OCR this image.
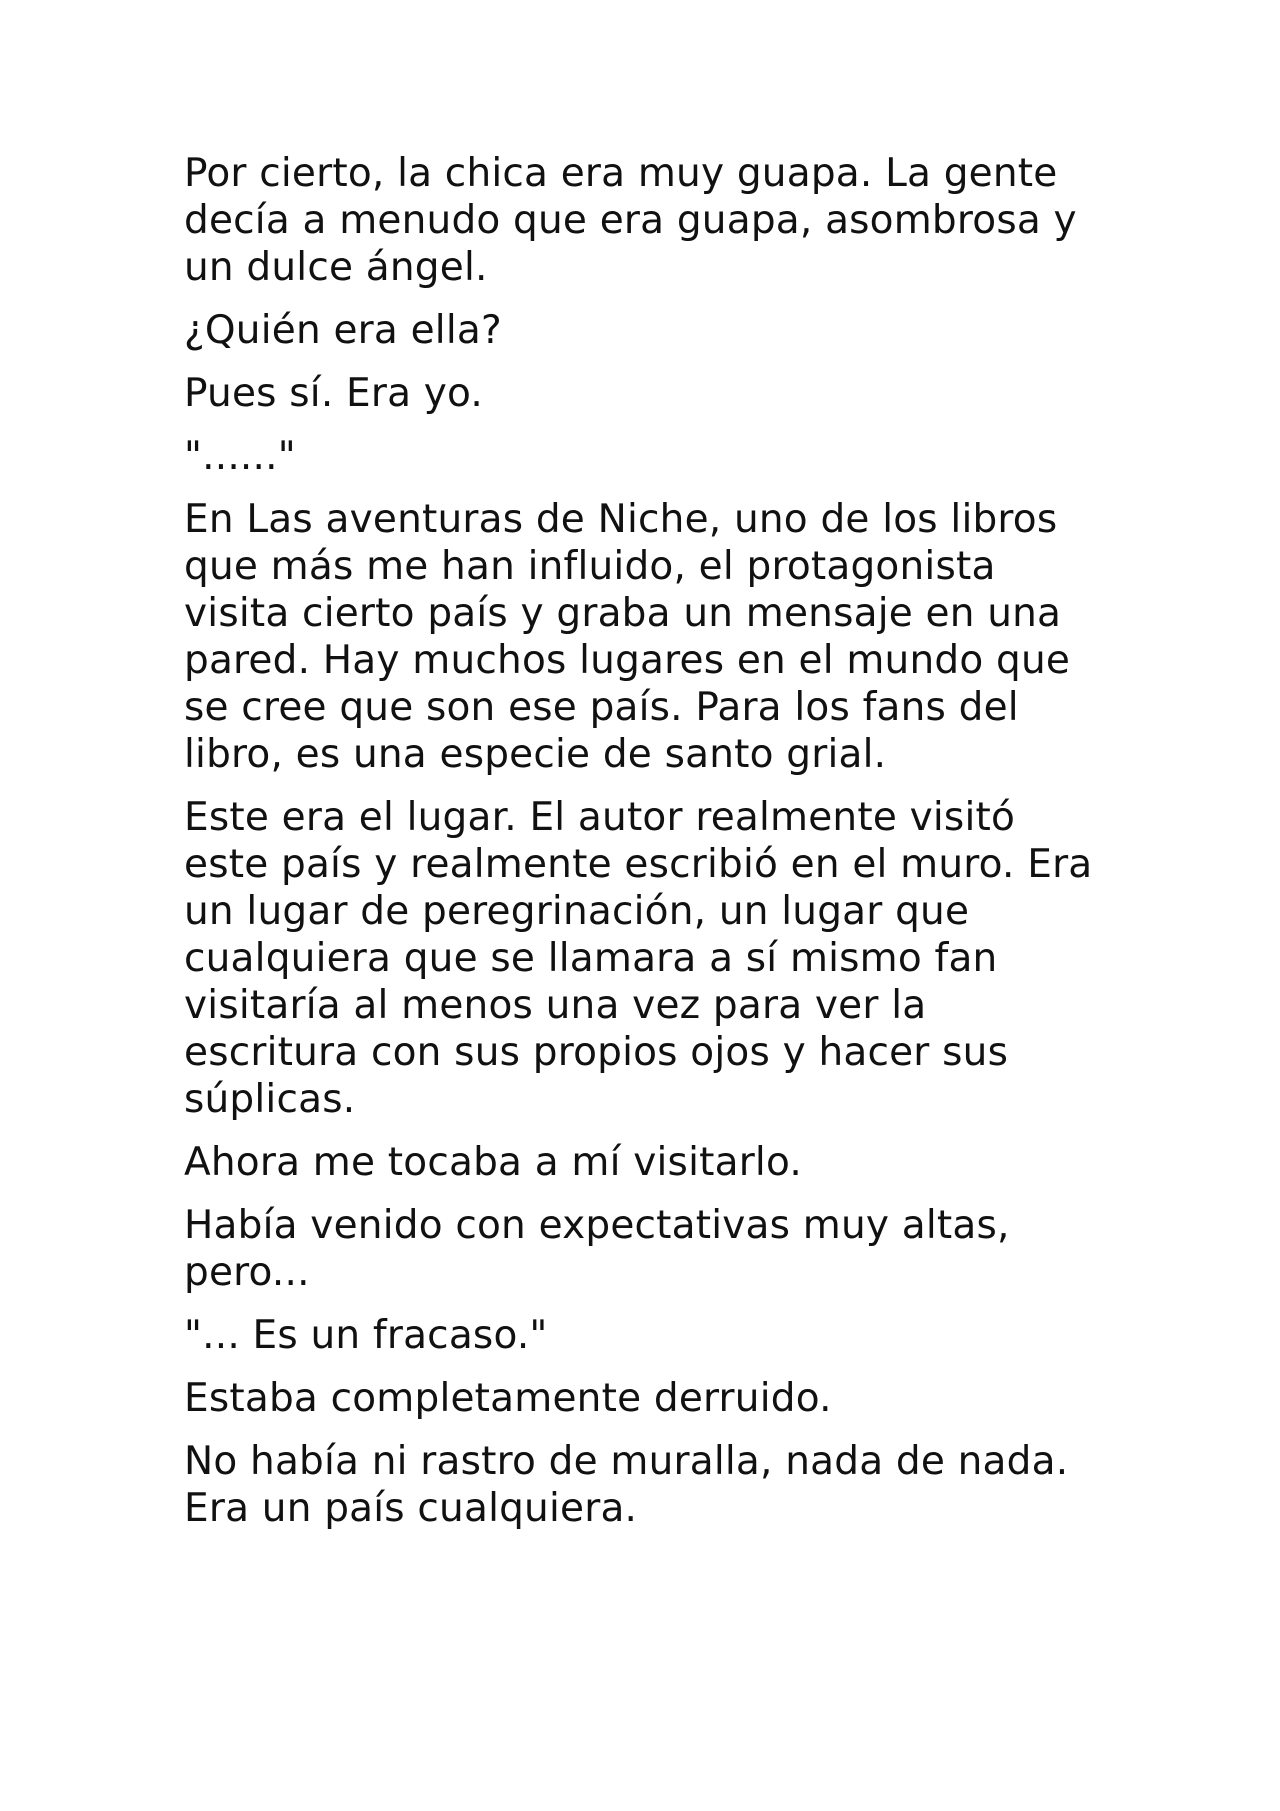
Por cierto, la chica era muy guapa. La gente
decía a menudo que era guapa, asombrosa y
un dulce ángel.

¿Quién era ella?

Pues sí. Era yo.

"......"

En Las aventuras de Niche, uno de los libros
que más me han influido, el protagonista
visita cierto país y graba un mensaje en una
pared. Hay muchos lugares en el mundo que
se cree que son ese país. Para los fans del
libro, es una especie de santo grial.

Este era el lugar. El autor realmente visitó
este país y realmente escribió en el muro. Era
un lugar de peregrinación, un lugar que
cualquiera que se llamara a sí mismo fan
visitaría al menos una vez para ver la
escritura con sus propios ojos y hacer sus
súplicas.

Ahora me tocaba a mí visitarlo.

Había venido con expectativas muy altas,
pero...

"... Es un fracaso."

Estaba completamente derruido.

No había ni rastro de muralla, nada de nada.
Era un país cualquiera.
